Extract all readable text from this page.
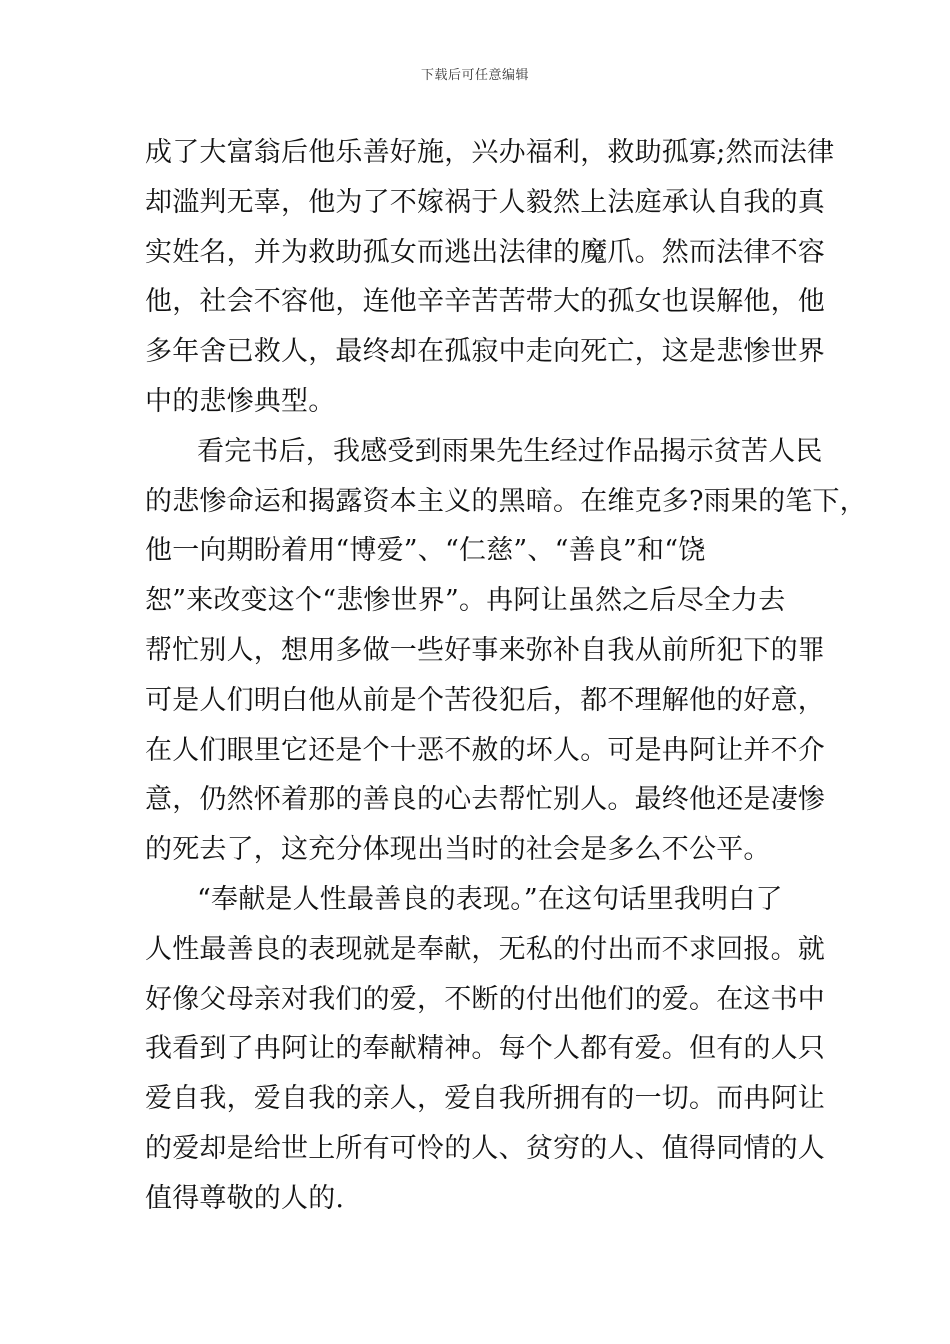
下载后可任意编辑
成了大富翁后他乐善好施，兴办福利，救助孤寡;然而法律
却滥判无辜，他为了不嫁祸于人毅然上法庭承认自我的真
实姓名，并为救助孤女而逃出法律的魔爪。然而法律不容
他，社会不容他，连他辛辛苦苦带大的孤女也误解他，他
多年舍已救人，最终却在孤寂中走向死亡，这是悲惨世界
中的悲惨典型。
看完书后，我感受到雨果先生经过作品揭示贫苦人民
的悲惨命运和揭露资本主义的黑暗。在维克多?雨果的笔下，
他一向期盼着用“博爱”、“仁慈”、“善良”和“饶
恕”来改变这个“悲惨世界”。冉阿让虽然之后尽全力去
帮忙别人，想用多做一些好事来弥补自我从前所犯下的罪
可是人们明白他从前是个苦役犯后，都不理解他的好意，
在人们眼里它还是个十恶不赦的坏人。可是冉阿让并不介
意，仍然怀着那的善良的心去帮忙别人。最终他还是凄惨
的死去了，这充分体现出当时的社会是多么不公平。
“奉献是人性最善良的表现。”在这句话里我明白了
人性最善良的表现就是奉献，无私的付出而不求回报。就
好像父母亲对我们的爱，不断的付出他们的爱。在这书中
我看到了冉阿让的奉献精神。每个人都有爱。但有的人只
爱自我，爱自我的亲人，爱自我所拥有的一切。而冉阿让
的爱却是给世上所有可怜的人、贫穷的人、值得同情的人
值得尊敬的人的.
